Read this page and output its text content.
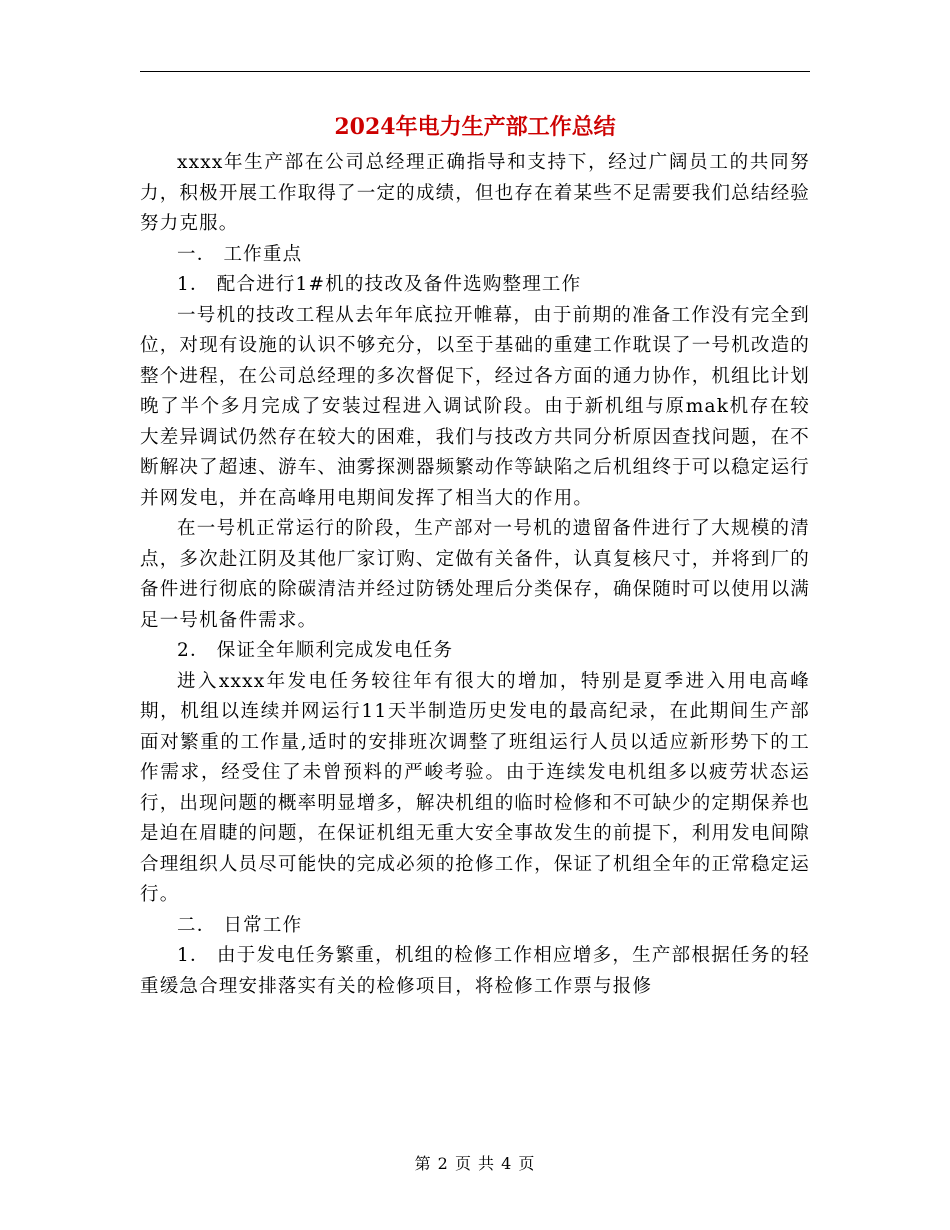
2024年电力生产部工作总结

xxxx年生产部在公司总经理正确指导和支持下，经过广阔员工的共同努力，积极开展工作取得了一定的成绩，但也存在着某些不足需要我们总结经验努力克服。

一． 工作重点

1． 配合进行1#机的技改及备件选购整理工作

一号机的技改工程从去年年底拉开帷幕，由于前期的准备工作没有完全到位，对现有设施的认识不够充分，以至于基础的重建工作耽误了一号机改造的整个进程，在公司总经理的多次督促下，经过各方面的通力协作，机组比计划晚了半个多月完成了安装过程进入调试阶段。由于新机组与原mak机存在较大差异调试仍然存在较大的困难，我们与技改方共同分析原因查找问题，在不断解决了超速、游车、油雾探测器频繁动作等缺陷之后机组终于可以稳定运行并网发电，并在高峰用电期间发挥了相当大的作用。

在一号机正常运行的阶段，生产部对一号机的遗留备件进行了大规模的清点，多次赴江阴及其他厂家订购、定做有关备件，认真复核尺寸，并将到厂的备件进行彻底的除碳清洁并经过防锈处理后分类保存，确保随时可以使用以满足一号机备件需求。

2． 保证全年顺利完成发电任务

进入xxxx年发电任务较往年有很大的增加，特别是夏季进入用电高峰期，机组以连续并网运行11天半制造历史发电的最高纪录，在此期间生产部面对繁重的工作量,适时的安排班次调整了班组运行人员以适应新形势下的工作需求，经受住了未曾预料的严峻考验。由于连续发电机组多以疲劳状态运行，出现问题的概率明显增多，解决机组的临时检修和不可缺少的定期保养也是迫在眉睫的问题，在保证机组无重大安全事故发生的前提下，利用发电间隙合理组织人员尽可能快的完成必须的抢修工作，保证了机组全年的正常稳定运行。

二． 日常工作

1． 由于发电任务繁重，机组的检修工作相应增多，生产部根据任务的轻重缓急合理安排落实有关的检修项目，将检修工作票与报修

第 2 页 共 4 页
